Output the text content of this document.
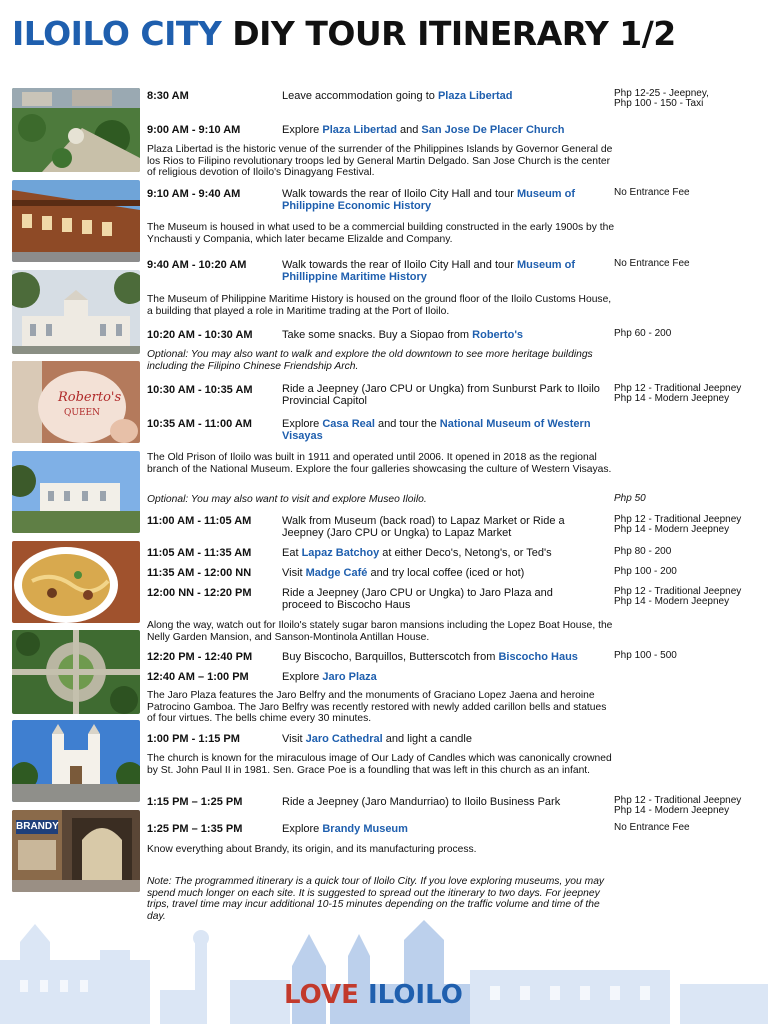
ILOILO CITY DIY TOUR ITINERARY 1/2
Roberto's
QUEEN
BRANDY
8:30 AM	Leave accommodation going to Plaza Libertad	Php 12-25 - Jeepney,
Php 100 - 150 - Taxi
9:00 AM - 9:10 AM	Explore Plaza Libertad and San Jose De Placer Church
Plaza Libertad is the historic venue of the surrender of the Philippines Islands by Governor General de los Rios to Filipino revolutionary troops led by General Martin Delgado. San Jose Church is the center of religious devotion of Iloilo's Dinagyang Festival.
9:10 AM - 9:40 AM	Walk towards the rear of Iloilo City Hall and tour Museum of Philippine Economic History
No Entrance Fee
The Museum is housed in what used to be a commercial building constructed in the early 1900s by the Ynchausti y Compania, which later became Elizalde and Company.
9:40 AM - 10:20 AM	Walk towards the rear of Iloilo City Hall and tour Museum of Phillippine Maritime History
No Entrance Fee
The Museum of Philippine Maritime History is housed on the ground floor of the Iloilo Customs House, a building that played a role in Maritime trading at the Port of Iloilo.
10:20 AM - 10:30 AM	Take some snacks. Buy a Siopao from Roberto's	Php 60 - 200
Optional: You may also want to walk and explore the old downtown to see more heritage buildings including the Filipino Chinese Friendship Arch.
10:30 AM - 10:35 AM	Ride a Jeepney (Jaro CPU or Ungka) from Sunburst Park to Iloilo Provincial Capitol
Php 12 - Traditional Jeepney
Php 14 - Modern Jeepney
10:35 AM - 11:00 AM	Explore Casa Real and tour the National Museum of Western Visayas
The Old Prison of Iloilo was built in 1911 and operated until 2006. It opened in 2018 as the regional branch of the National Museum. Explore the four galleries showcasing the culture of Western Visayas.
Optional: You may also want to visit and explore Museo Iloilo.	Php 50
11:00 AM - 11:05 AM	Walk from Museum (back road) to Lapaz Market or Ride a Jeepney (Jaro CPU or Ungka) to Lapaz Market
Php 12 - Traditional Jeepney
Php 14 - Modern Jeepney
11:05 AM - 11:35 AM	Eat Lapaz Batchoy at either Deco's, Netong's, or Ted's	Php 80 - 200
11:35 AM - 12:00 NN	Visit Madge Café and try local coffee (iced or hot)	Php 100 - 200
12:00 NN - 12:20 PM	Ride a Jeepney (Jaro CPU or Ungka) to Jaro Plaza and proceed to Biscocho Haus
Php 12 - Traditional Jeepney
Php 14 - Modern Jeepney
Along the way, watch out for Iloilo's stately sugar baron mansions including the Lopez Boat House, the Nelly Garden Mansion, and Sanson-Montinola Antillan House.
12:20 PM - 12:40 PM	Buy Biscocho, Barquillos, Butterscotch from Biscocho Haus	Php 100 - 500
12:40 AM – 1:00 PM	Explore Jaro Plaza
The Jaro Plaza features the Jaro Belfry and the monuments of Graciano Lopez Jaena and heroine Patrocino Gamboa. The Jaro Belfry was recently restored with newly added carillon bells and statues of four virtues. The bells chime every 30 minutes.
1:00 PM - 1:15 PM	Visit Jaro Cathedral and light a candle
The church is known for the miraculous image of Our Lady of Candles which was canonically crowned by St. John Paul II in 1981. Sen. Grace Poe is a foundling that was left in this church as an infant.
1:15 PM – 1:25 PM	Ride a Jeepney (Jaro Mandurriao) to Iloilo Business Park	Php 12 - Traditional Jeepney
Php 14 - Modern Jeepney
1:25 PM – 1:35 PM	Explore Brandy Museum	No Entrance Fee
Know everything about Brandy, its origin, and its manufacturing process.
Note: The programmed itinerary is a quick tour of Iloilo City. If you love exploring museums, you may spend much longer on each site. It is suggested to spread out the itinerary to two days. For jeepney trips, travel time may incur additional 10-15 minutes depending on the traffic volume and time of the day.
LOVE ILOILO
